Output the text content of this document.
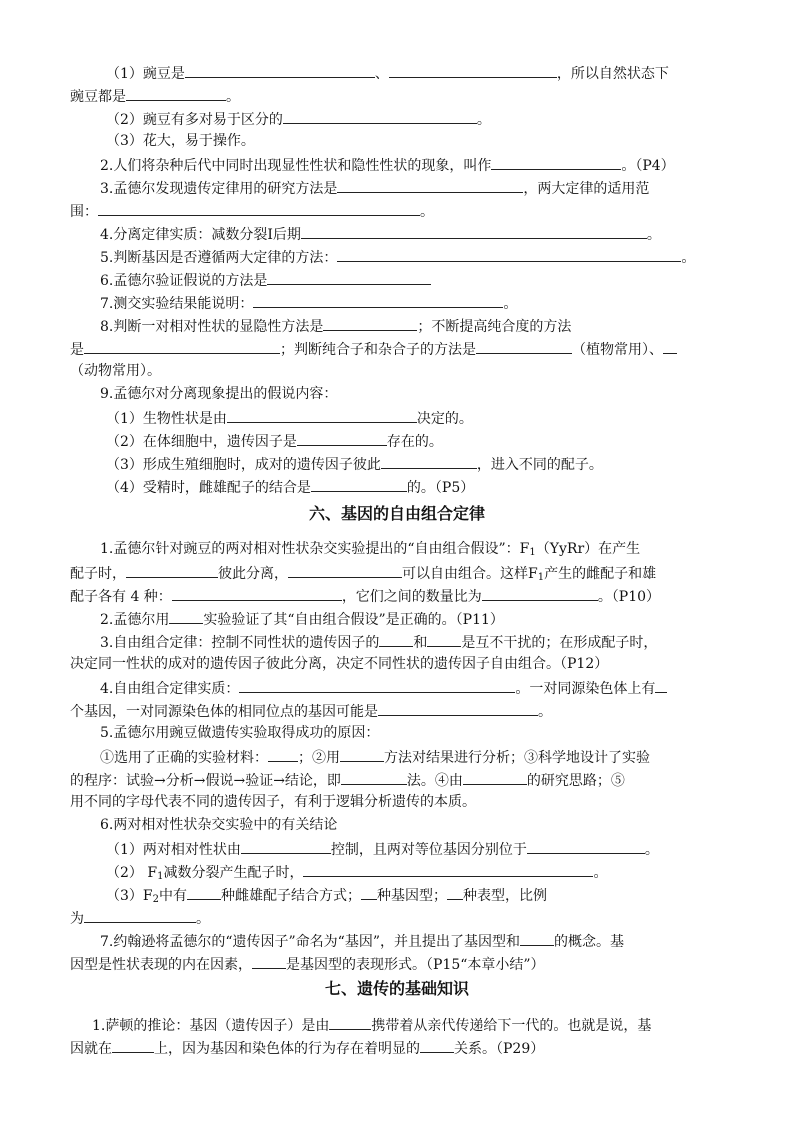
（1）豌豆是	、	，所以自然状态下
豌豆都是	。
（2）豌豆有多对易于区分的	。
（3）花大，易于操作。
2.人们将杂种后代中同时出现显性性状和隐性性状的现象，叫作	。（P4）
3.孟德尔发现遗传定律用的研究方法是	，两大定律的适用范
围：	。
4.分离定律实质：减数分裂Ⅰ后期	。
5.判断基因是否遵循两大定律的方法：	。
6.孟德尔验证假说的方法是
7.测交实验结果能说明：	。
8.判断一对相对性状的显隐性方法是	；不断提高纯合度的方法
是	；判断纯合子和杂合子的方法是	（植物常用）、
（动物常用）。
9.孟德尔对分离现象提出的假说内容：
（1）生物性状是由	决定的。
（2）在体细胞中，遗传因子是	存在的。
（3）形成生殖细胞时，成对的遗传因子彼此	，进入不同的配子。
（4）受精时，雌雄配子的结合是	的。（P5）
六、基因的自由组合定律
1.孟德尔针对豌豆的两对相对性状杂交实验提出的“自由组合假设”：$F_1(YyRr)$在产生
配子时，	彼此分离，	可以自由组合。这样$F_1$产生的雌配子和雄
配子各有 4 种：	，它们之间的数量比为	。（P10）
2.孟德尔用 实验验证了其“自由组合假设”是正确的。（P11）
3.自由组合定律：控制不同性状的遗传因子的 和 是互不干扰的；在形成配子时，
决定同一性状的成对的遗传因子彼此分离，决定不同性状的遗传因子自由组合。（P12）
4.自由组合定律实质：	。一对同源染色体上有
个基因，一对同源染色体的相同位点的基因可能是	。
5.孟德尔用豌豆做遗传实验取得成功的原因：
①选用了正确的实验材料： ；②用	方法对结果进行分析；③科学地设计了实验
的程序：试验→分析→假说→验证→结论，即	法。④由	的研究思路；⑤
用不同的字母代表不同的遗传因子，有利于逻辑分析遗传的本质。
6.两对相对性状杂交实验中的有关结论
（1）两对相对性状由	控制，且两对等位基因分别位于	。
（2） $F_1$减数分裂产生配子时，	。
$(3)F_2$中有 种雌雄配子结合方式； 种基因型； 种表型，比例
为	。
7.约翰逊将孟德尔的“遗传因子”命名为“基因”，并且提出了基因型和 的概念。基
因型是性状表现的内在因素， 是基因型的表现形式。（P15“本章小结”）
七、遗传的基础知识
1.萨顿的推论：基因（遗传因子）是由	携带着从亲代传递给下一代的。也就是说，基
因就在	上，因为基因和染色体的行为存在着明显的 关系。（P29）
